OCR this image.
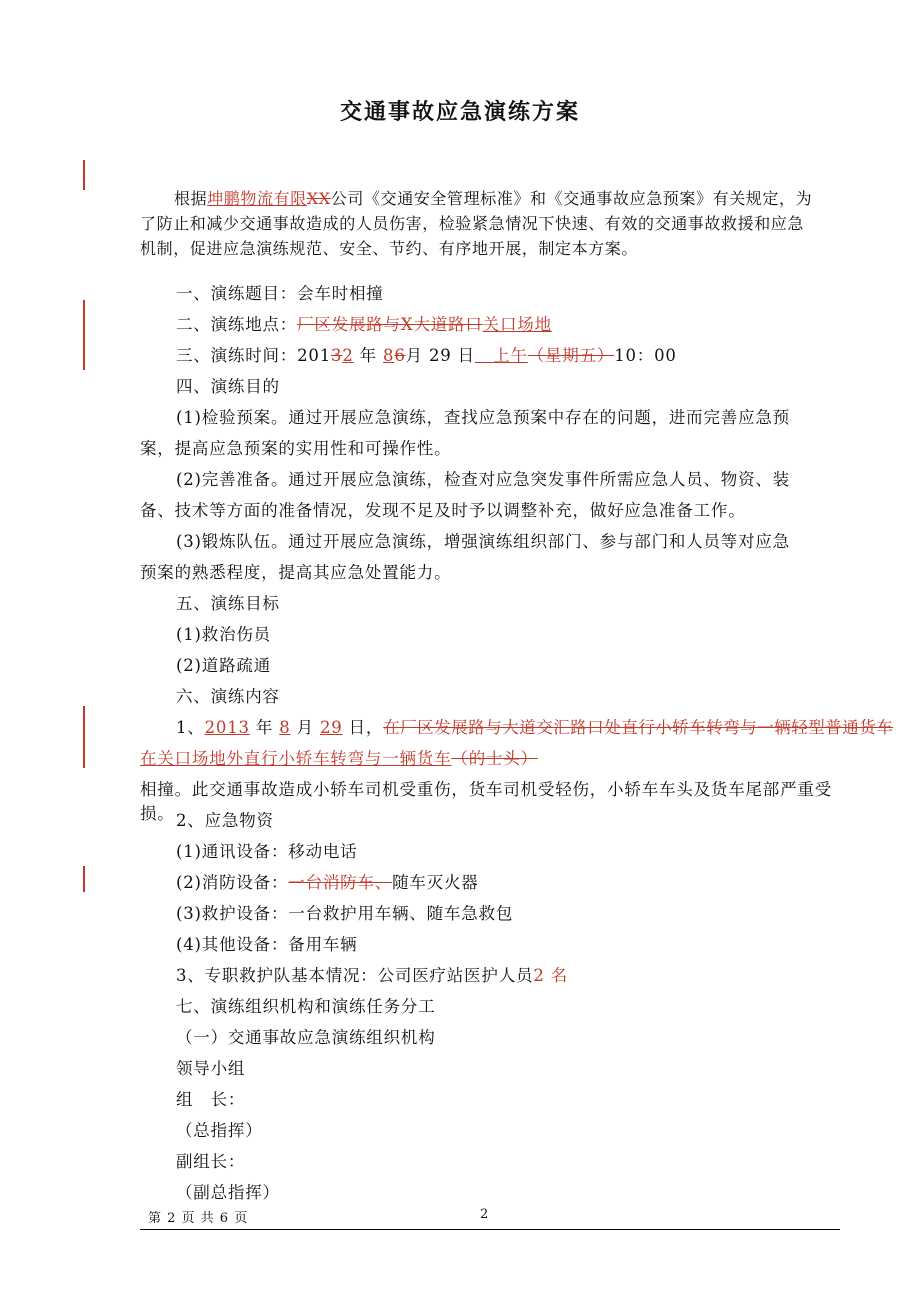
交通事故应急演练方案

根据坤鹏物流有限XX公司《交通安全管理标准》和《交通事故应急预案》有关规定，为了防止和减少交通事故造成的人员伤害，检验紧急情况下快速、有效的交通事故救援和应急机制，促进应急演练规范、安全、节约、有序地开展，制定本方案。

一、演练题目：会车时相撞
二、演练地点：厂区发展路与X大道路口关口场地
三、演练时间：20132 年 86月 29 日 上午（星期五）10：00
四、演练目的
(1)检验预案。通过开展应急演练，查找应急预案中存在的问题，进而完善应急预
案，提高应急预案的实用性和可操作性。
(2)完善准备。通过开展应急演练，检查对应急突发事件所需应急人员、物资、装
备、技术等方面的准备情况，发现不足及时予以调整补充，做好应急准备工作。
(3)锻炼队伍。通过开展应急演练，增强演练组织部门、参与部门和人员等对应急
预案的熟悉程度，提高其应急处置能力。
五、演练目标
(1)救治伤员
(2)道路疏通
六、演练内容
1、2013 年 8 月 29 日，在厂区发展路与大道交汇路口处直行小轿车转弯与一辆轻型普通货车
在关口场地外直行小轿车转弯与一辆货车（的士头）
相撞。此交通事故造成小轿车司机受重伤，货车司机受轻伤，小轿车车头及货车尾部严重受损。 2、应急物资
(1)通讯设备：移动电话
(2)消防设备：一台消防车、随车灭火器
(3)救护设备：一台救护用车辆、随车急救包
(4)其他设备：备用车辆
3、专职救护队基本情况：公司医疗站医护人员2 名
七、演练组织机构和演练任务分工
（一）交通事故应急演练组织机构
领导小组
组　长：
（总指挥）
副组长：
（副总指挥）
第 2 页 共 6 页	2
